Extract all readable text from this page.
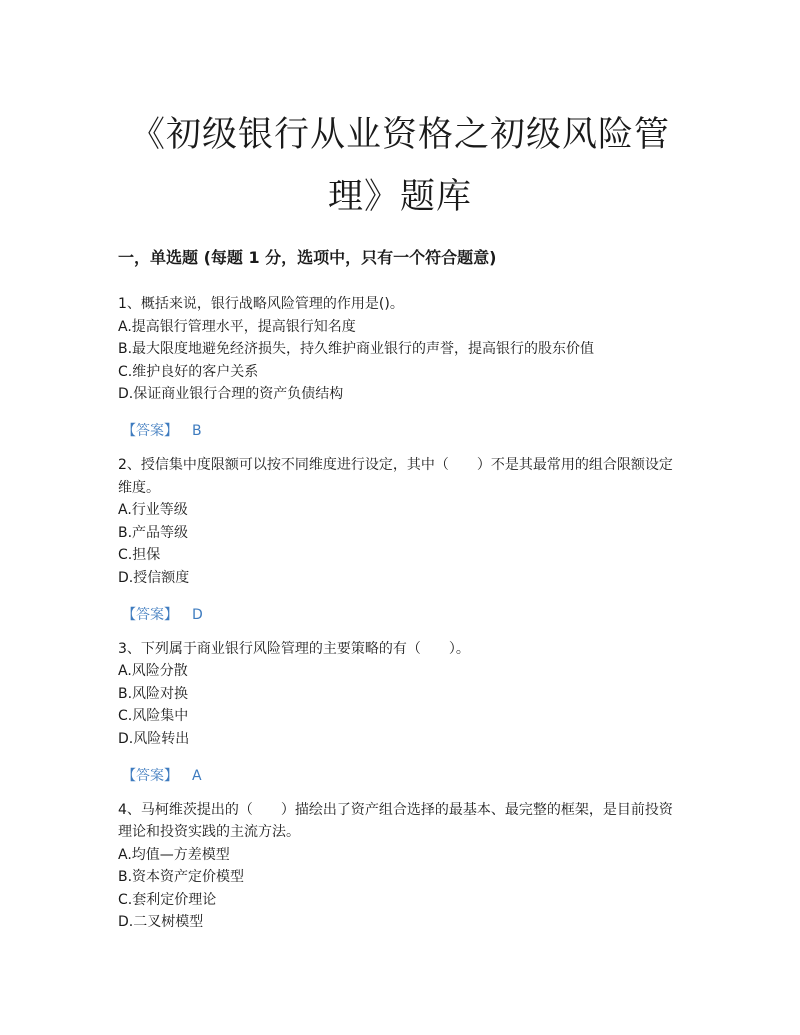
《初级银行从业资格之初级风险管理》题库
一，单选题 (每题 1 分，选项中，只有一个符合题意)
1、概括来说，银行战略风险管理的作用是()。
A.提高银行管理水平，提高银行知名度
B.最大限度地避免经济损失，持久维护商业银行的声誉，提高银行的股东价值
C.维护良好的客户关系
D.保证商业银行合理的资产负债结构
【答案】 B
2、授信集中度限额可以按不同维度进行设定，其中（　　）不是其最常用的组合限额设定维度。
A.行业等级
B.产品等级
C.担保
D.授信额度
【答案】 D
3、下列属于商业银行风险管理的主要策略的有（　　）。
A.风险分散
B.风险对换
C.风险集中
D.风险转出
【答案】 A
4、马柯维茨提出的（　　）描绘出了资产组合选择的最基本、最完整的框架，是目前投资理论和投资实践的主流方法。
A.均值—方差模型
B.资本资产定价模型
C.套利定价理论
D.二叉树模型
